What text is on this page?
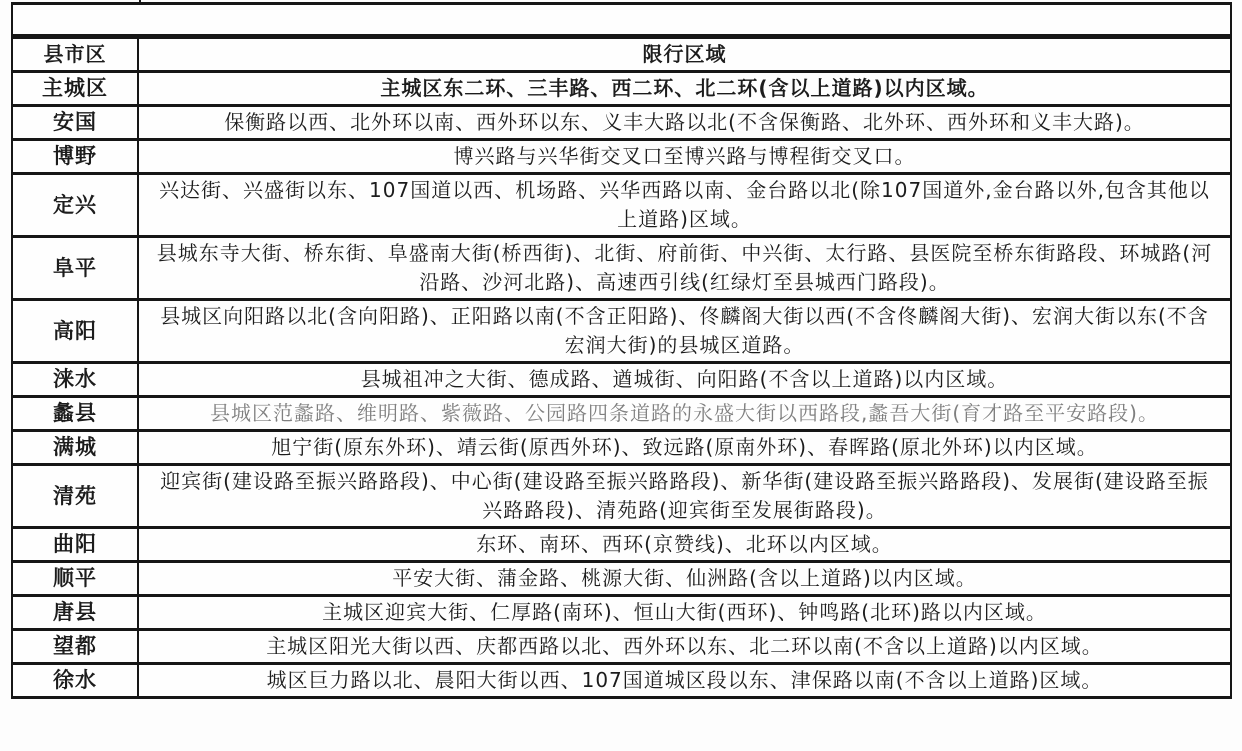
县市区	限行区域
主城区	主城区东二环、三丰路、西二环、北二环(含以上道路)以内区域。
安国	保衡路以西、北外环以南、西外环以东、义丰大路以北(不含保衡路、北外环、西外环和义丰大路)。
博野	博兴路与兴华街交叉口至博兴路与博程街交叉口。
定兴	兴达街、兴盛街以东、107国道以西、机场路、兴华西路以南、金台路以北(除107国道外,金台路以外,包含其他以上道路)区域。
阜平	县城东寺大街、桥东街、阜盛南大街(桥西街)、北街、府前街、中兴街、太行路、县医院至桥东街路段、环城路(河沿路、沙河北路)、高速西引线(红绿灯至县城西门路段)。
高阳	县城区向阳路以北(含向阳路)、正阳路以南(不含正阳路)、佟麟阁大街以西(不含佟麟阁大街)、宏润大街以东(不含宏润大街)的县城区道路。
涞水	县城祖冲之大街、德成路、遒城街、向阳路(不含以上道路)以内区域。
蠡县	县城区范蠡路、维明路、紫薇路、公园路四条道路的永盛大街以西路段,蠡吾大街(育才路至平安路段)。
满城	旭宁街(原东外环)、靖云街(原西外环)、致远路(原南外环)、春晖路(原北外环)以内区域。
清苑	迎宾街(建设路至振兴路路段)、中心街(建设路至振兴路路段)、新华街(建设路至振兴路路段)、发展街(建设路至振兴路路段)、清苑路(迎宾街至发展街路段)。
曲阳	东环、南环、西环(京赞线)、北环以内区域。
顺平	平安大街、蒲金路、桃源大街、仙洲路(含以上道路)以内区域。
唐县	主城区迎宾大街、仁厚路(南环)、恒山大街(西环)、钟鸣路(北环)路以内区域。
望都	主城区阳光大街以西、庆都西路以北、西外环以东、北二环以南(不含以上道路)以内区域。
徐水	城区巨力路以北、晨阳大街以西、107国道城区段以东、津保路以南(不含以上道路)区域。
